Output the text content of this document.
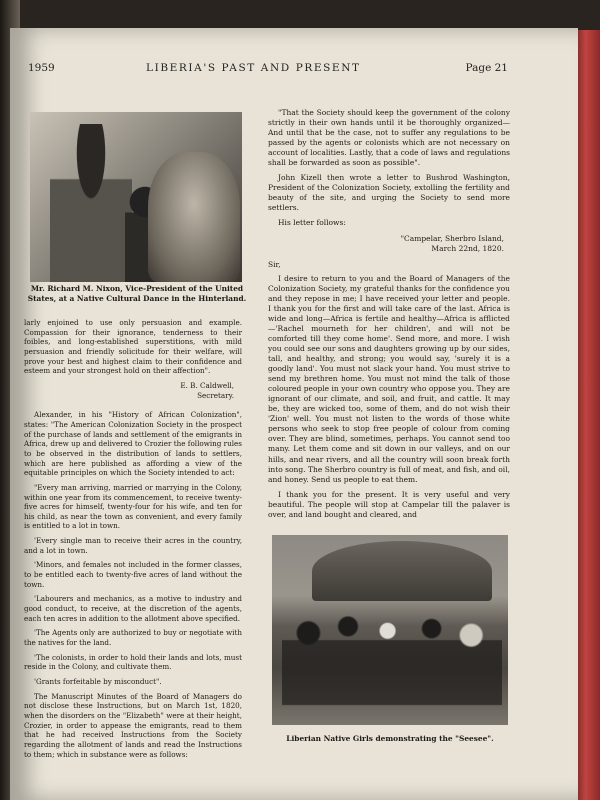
1959	LIBERIA'S PAST AND PRESENT	Page 21
Mr. Richard M. Nixon, Vice-President of the United States, at a Native Cultural Dance in the Hinterland.

larly enjoined to use only persuasion and example. Compassion for their ignorance, tenderness to their foibles, and long-established superstitions, with mild persuasion and friendly solicitude for their welfare, will prove your best and highest claim to their confidence and esteem and your strongest hold on their affection".

E. B. Caldwell,

Secretary.

Alexander, in his "History of African Colonization", states: "The American Colonization Society in the prospect of the purchase of lands and settlement of the emigrants in Africa, drew up and delivered to Crozier the following rules to be observed in the distribution of lands to settlers, which are here published as affording a view of the equitable principles on which the Society intended to act:

"Every man arriving, married or marrying in the Colony, within one year from its commencement, to receive twenty-five acres for himself, twenty-four for his wife, and ten for his child, as near the town as convenient, and every family is entitled to a lot in town.

'Every single man to receive their acres in the country, and a lot in town.

'Minors, and females not included in the former classes, to be entitled each to twenty-five acres of land without the town.

'Labourers and mechanics, as a motive to industry and good conduct, to receive, at the discretion of the agents, each ten acres in addition to the allotment above specified.

'The Agents only are authorized to buy or negotiate with the natives for the land.

'The colonists, in order to hold their lands and lots, must reside in the Colony, and cultivate them.

'Grants forfeitable by misconduct".

The Manuscript Minutes of the Board of Managers do not disclose these Instructions, but on March 1st, 1820, when the disorders on the "Elizabeth" were at their height, Crozier, in order to appease the emigrants, read to them that he had received Instructions from the Society regarding the allotment of lands and read the Instructions to them; which in substance were as follows:

"That the Society should keep the government of the colony strictly in their own hands until it be thoroughly organized—And until that be the case, not to suffer any regulations to be passed by the agents or colonists which are not necessary on account of localities. Lastly, that a code of laws and regulations shall be forwarded as soon as possible".

John Kizell then wrote a letter to Bushrod Washington, President of the Colonization Society, extolling the fertility and beauty of the site, and urging the Society to send more settlers.

His letter follows:

"Campelar, Sherbro Island,

March 22nd, 1820.

Sir,

I desire to return to you and the Board of Managers of the Colonization Society, my grateful thanks for the confidence you and they repose in me; I have received your letter and people. I thank you for the first and will take care of the last. Africa is wide and long—Africa is fertile and healthy—Africa is afflicted—'Rachel mourneth for her children', and will not be comforted till they come home'. Send more, and more. I wish you could see our sons and daughters growing up by our sides, tall, and healthy, and strong; you would say, 'surely it is a goodly land'. You must not slack your hand. You must strive to send my brethren home. You must not mind the talk of those coloured people in your own country who oppose you. They are ignorant of our climate, and soil, and fruit, and cattle. It may be, they are wicked too, some of them, and do not wish their 'Zion' well. You must not listen to the words of those white persons who seek to stop free people of colour from coming over. They are blind, sometimes, perhaps. You cannot send too many. Let them come and sit down in our valleys, and on our hills, and near rivers, and all the country will soon break forth into song. The Sherbro country is full of meat, and fish, and oil, and honey. Send us people to eat them.

I thank you for the present. It is very useful and very beautiful. The people will stop at Campelar till the palaver is over, and land bought and cleared, and

Liberian Native Girls demonstrating the "Seesee".
